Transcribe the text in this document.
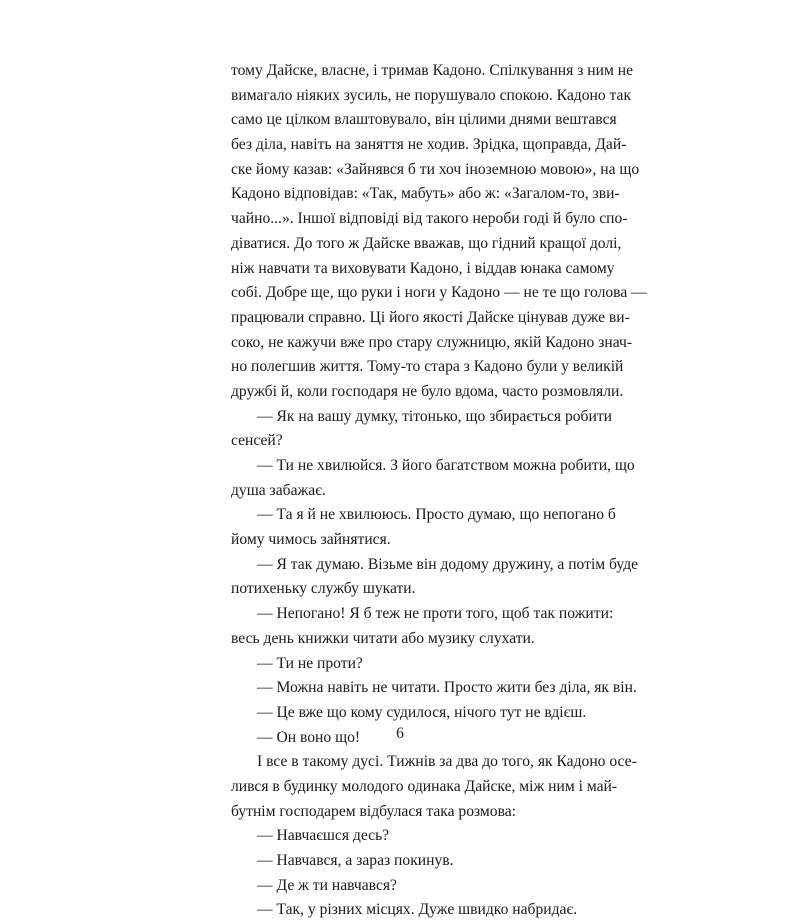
тому Дайске, власне, і тримав Кадоно. Спілкування з ним не
вимагало ніяких зусиль, не порушувало спокою. Кадоно так
само це цілком влаштовувало, він цілими днями вештався
без діла, навіть на заняття не ходив. Зрідка, щоправда, Дай-
ске йому казав: «Зайнявся б ти хоч іноземною мовою», на що
Кадоно відповідав: «Так, мабуть» або ж: «Загалом-то, зви-
чайно...». Іншої відповіді від такого нероби годі й було спо-
діватися. До того ж Дайске вважав, що гідний кращої долі,
ніж навчати та виховувати Кадоно, і віддав юнака самому
собі. Добре ще, що руки і ноги у Кадоно — не те що голова —
працювали справно. Ці його якості Дайске цінував дуже ви-
соко, не кажучи вже про стару служницю, якій Кадоно знач-
но полегшив життя. Тому-то стара з Кадоно були у великій
дружбі й, коли господаря не було вдома, часто розмовляли.
— Як на вашу думку, тітонько, що збирається робити
сенсей?
— Ти не хвилюйся. З його багатством можна робити, що
душа забажає.
— Та я й не хвилююсь. Просто думаю, що непогано б
йому чимось зайнятися.
— Я так думаю. Візьме він додому дружину, а потім буде
потихеньку службу шукати.
— Непогано! Я б теж не проти того, щоб так пожити:
весь день книжки читати або музику слухати.
— Ти не проти?
— Можна навіть не читати. Просто жити без діла, як він.
— Це вже що кому судилося, нічого тут не вдієш.
— Он воно що!
І все в такому дусі. Тижнів за два до того, як Кадоно осе-
лився в будинку молодого одинака Дайске, між ним і май-
бутнім господарем відбулася така розмова:
— Навчаєшся десь?
— Навчався, а зараз покинув.
— Де ж ти навчався?
— Так, у різних місцях. Дуже швидко набридає.
6
